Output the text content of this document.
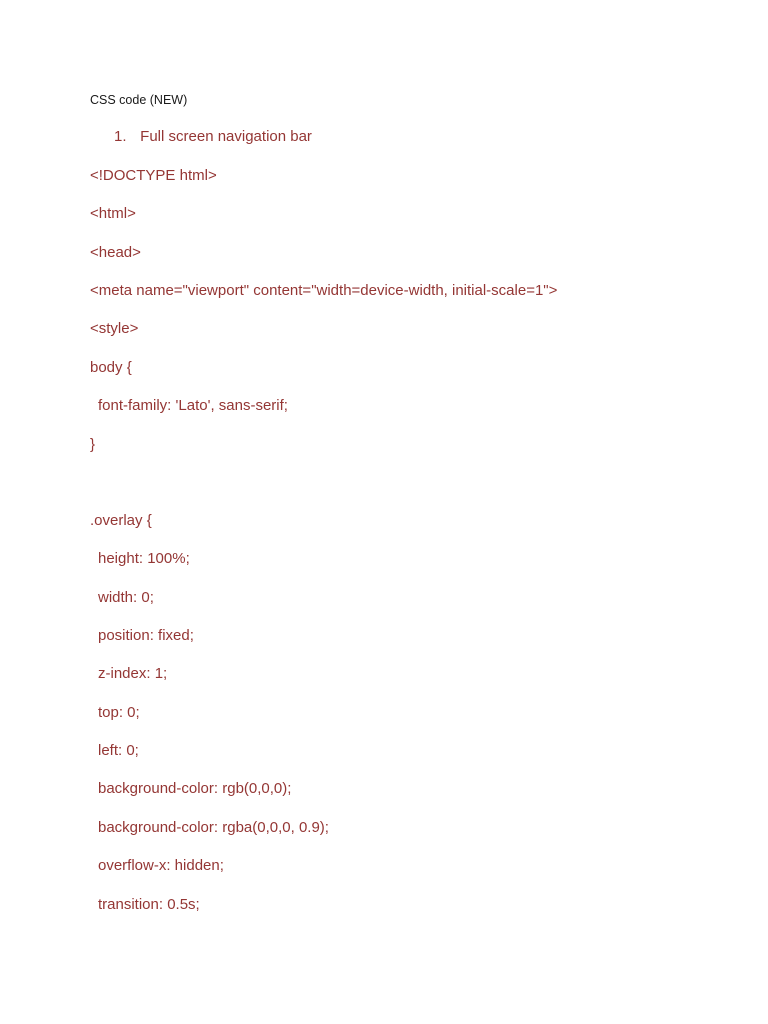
CSS code (NEW)
1. Full screen navigation bar
<!DOCTYPE html>
<html>
<head>
<meta name="viewport" content="width=device-width, initial-scale=1">
<style>
body {
font-family: 'Lato', sans-serif;
}
.overlay {
height: 100%;
width: 0;
position: fixed;
z-index: 1;
top: 0;
left: 0;
background-color: rgb(0,0,0);
background-color: rgba(0,0,0, 0.9);
overflow-x: hidden;
transition: 0.5s;
